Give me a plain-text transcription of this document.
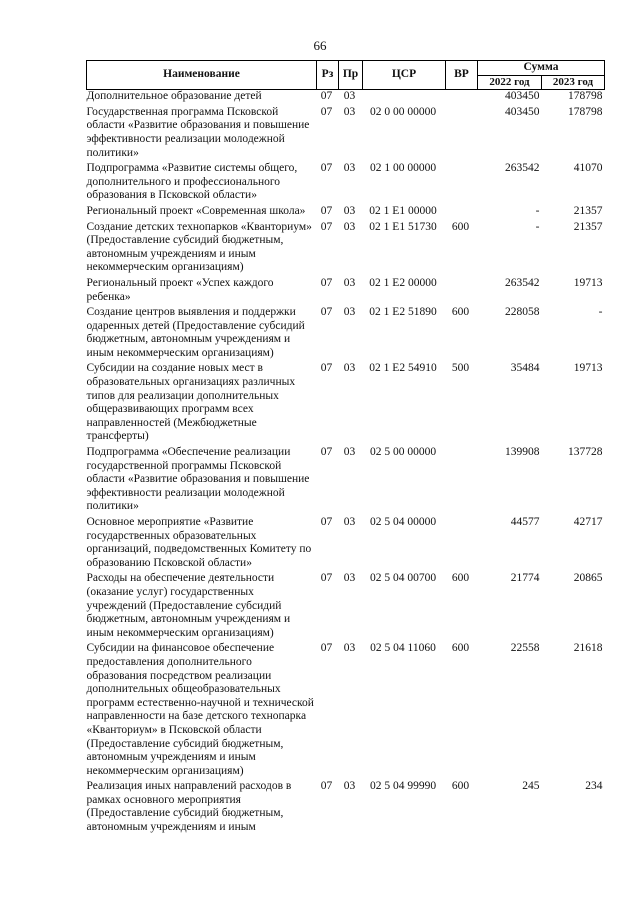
66
Наименование	Рз	Пр	ЦСР	ВР	Сумма	
					2022 год	2023 год
Дополнительное образование детей	07	03			403450	178798
Государственная программа Псковской области «Развитие образования и повышение эффективности реализации молодежной политики»	07	03	02 0 00 00000		403450	178798
Подпрограмма «Развитие системы общего, дополнительного и профессионального образования в Псковской области»	07	03	02 1 00 00000		263542	41070
Региональный проект «Современная школа»	07	03	02 1 E1 00000		-	21357
Создание детских технопарков «Кванториум» (Предоставление субсидий бюджетным, автономным учреждениям и иным некоммерческим организациям)	07	03	02 1 E1 51730	600	-	21357
Региональный проект «Успех каждого ребенка»	07	03	02 1 E2 00000		263542	19713
Создание центров выявления и поддержки одаренных детей (Предоставление субсидий бюджетным, автономным учреждениям и иным некоммерческим организациям)	07	03	02 1 E2 51890	600	228058	-
Субсидии на создание новых мест в образовательных организациях различных типов для реализации дополнительных общеразвивающих программ всех направленностей (Межбюджетные трансферты)	07	03	02 1 E2 54910	500	35484	19713
Подпрограмма «Обеспечение реализации государственной программы Псковской области «Развитие образования и повышение эффективности реализации молодежной политики»	07	03	02 5 00 00000		139908	137728
Основное мероприятие «Развитие государственных образовательных организаций, подведомственных Комитету по образованию Псковской области»	07	03	02 5 04 00000		44577	42717
Расходы на обеспечение деятельности (оказание услуг) государственных учреждений (Предоставление субсидий бюджетным, автономным учреждениям и иным некоммерческим организациям)	07	03	02 5 04 00700	600	21774	20865
Субсидии на финансовое обеспечение предоставления дополнительного образования посредством реализации дополнительных общеобразовательных программ естественно-научной и технической направленности на базе детского технопарка «Кванториум» в Псковской области (Предоставление субсидий бюджетным, автономным учреждениям и иным некоммерческим организациям)	07	03	02 5 04 11060	600	22558	21618
Реализация иных направлений расходов в рамках основного мероприятия (Предоставление субсидий бюджетным, автономным учреждениям и иным	07	03	02 5 04 99990	600	245	234
